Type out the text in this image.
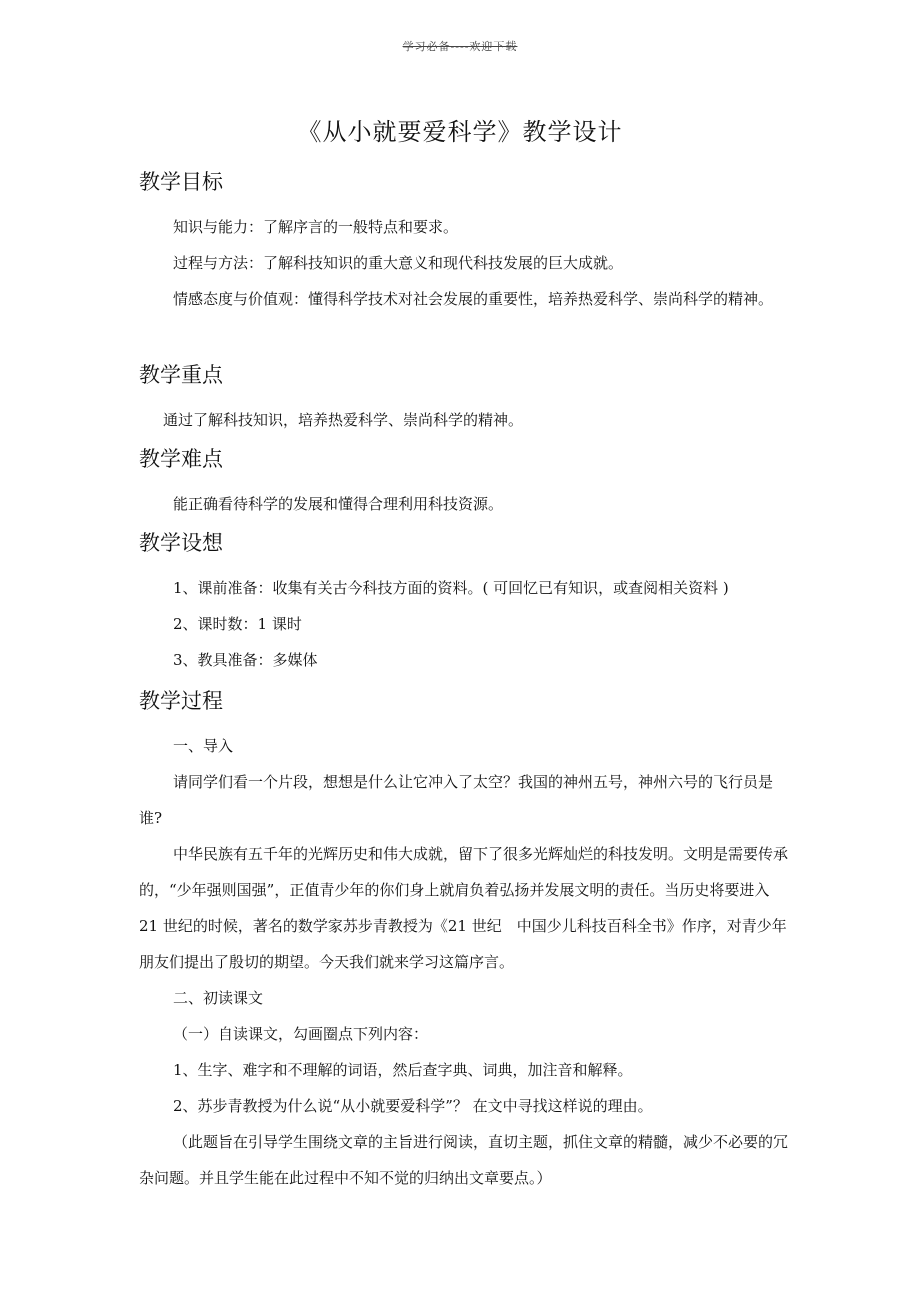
学习必备----欢迎下载
《从小就要爱科学》教学设计
教学目标
知识与能力：了解序言的一般特点和要求。
过程与方法：了解科技知识的重大意义和现代科技发展的巨大成就。
情感态度与价值观：懂得科学技术对社会发展的重要性，培养热爱科学、崇尚科学的精神。
教学重点
通过了解科技知识，培养热爱科学、崇尚科学的精神。
教学难点
能正确看待科学的发展和懂得合理利用科技资源。
教学设想
1、课前准备：收集有关古今科技方面的资料。( 可回忆已有知识，或查阅相关资料 )
2、课时数：1 课时
3、教具准备：多媒体
教学过程
一、导入
请同学们看一个片段，想想是什么让它冲入了太空？我国的神州五号，神州六号的飞行员是谁?
中华民族有五千年的光辉历史和伟大成就，留下了很多光辉灿烂的科技发明。文明是需要传承的，“少年强则国强”，正值青少年的你们身上就肩负着弘扬并发展文明的责任。当历史将要进入 21 世纪的时候，著名的数学家苏步青教授为《21 世纪　中国少儿科技百科全书》作序，对青少年朋友们提出了殷切的期望。今天我们就来学习这篇序言。
二、初读课文
（一）自读课文，勾画圈点下列内容：
1、生字、难字和不理解的词语，然后查字典、词典，加注音和解释。
2、苏步青教授为什么说“从小就要爱科学”？ 在文中寻找这样说的理由。
（此题旨在引导学生围绕文章的主旨进行阅读，直切主题，抓住文章的精髓，减少不必要的冗杂问题。并且学生能在此过程中不知不觉的归纳出文章要点。）
